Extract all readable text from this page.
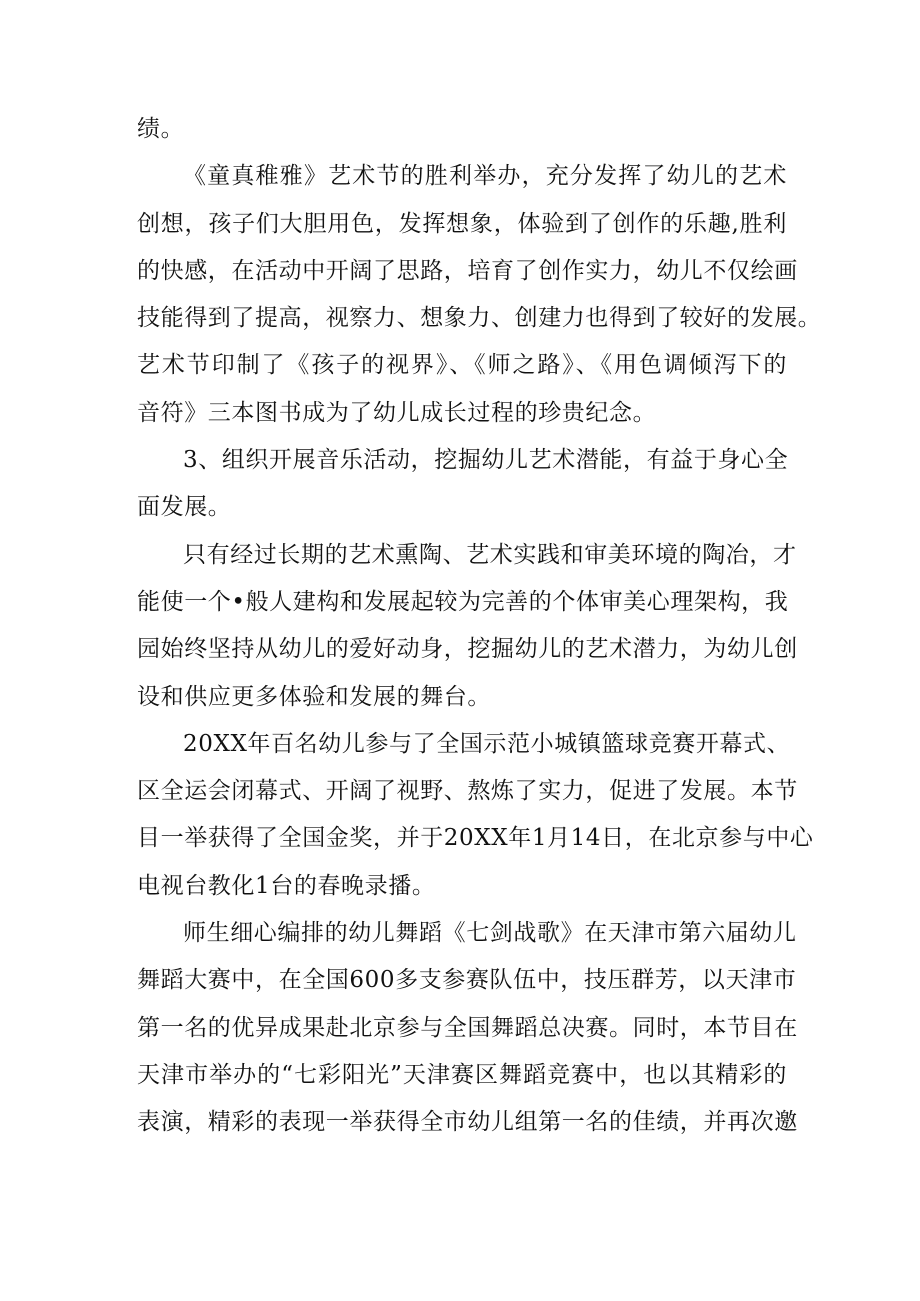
绩。
《童真稚雅》艺术节的胜利举办，充分发挥了幼儿的艺术
创想，孩子们大胆用色，发挥想象，体验到了创作的乐趣,胜利
的快感，在活动中开阔了思路，培育了创作实力，幼儿不仅绘画
技能得到了提高，视察力、想象力、创建力也得到了较好的发展。
艺术节印制了《孩子的视界》、《师之路》、《用色调倾泻下的
音符》三本图书成为了幼儿成长过程的珍贵纪念。
3、组织开展音乐活动，挖掘幼儿艺术潜能，有益于身心全
面发展。
只有经过长期的艺术熏陶、艺术实践和审美环境的陶冶，才
能使一个•般人建构和发展起较为完善的个体审美心理架构，我
园始终坚持从幼儿的爱好动身，挖掘幼儿的艺术潜力，为幼儿创
设和供应更多体验和发展的舞台。
20XX年百名幼儿参与了全国示范小城镇篮球竞赛开幕式、
区全运会闭幕式、开阔了视野、熬炼了实力，促进了发展。本节
目一举获得了全国金奖，并于20XX年1月14日，在北京参与中心
电视台教化1台的春晚录播。
师生细心编排的幼儿舞蹈《七剑战歌》在天津市第六届幼儿
舞蹈大赛中，在全国600多支参赛队伍中，技压群芳，以天津市
第一名的优异成果赴北京参与全国舞蹈总决赛。同时，本节目在
天津市举办的“七彩阳光”天津赛区舞蹈竞赛中，也以其精彩的
表演，精彩的表现一举获得全市幼儿组第一名的佳绩，并再次邀
